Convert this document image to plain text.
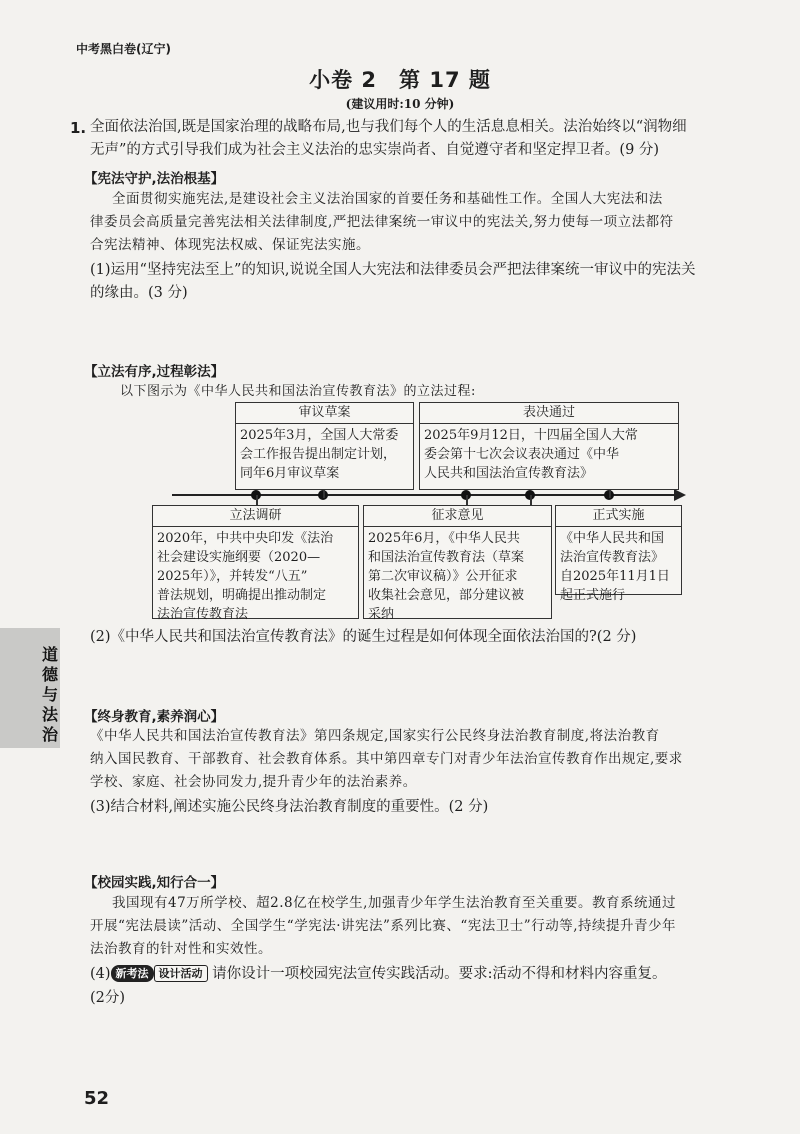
中考黑白卷(辽宁)
小卷 2　第 17 题
(建议用时:10 分钟)
1. 全面依法治国,既是国家治理的战略布局,也与我们每个人的生活息息相关。法治始终以“润物细
无声”的方式引导我们成为社会主义法治的忠实崇尚者、自觉遵守者和坚定捍卫者。(9 分)
【宪法守护,法治根基】
全面贯彻实施宪法,是建设社会主义法治国家的首要任务和基础性工作。全国人大宪法和法
律委员会高质量完善宪法相关法律制度,严把法律案统一审议中的宪法关,努力使每一项立法都符
合宪法精神、体现宪法权威、保证宪法实施。
(1)运用“坚持宪法至上”的知识,说说全国人大宪法和法律委员会严把法律案统一审议中的宪法关
的缘由。(3 分)
【立法有序,过程彰法】
以下图示为《中华人民共和国法治宣传教育法》的立法过程:
审议草案
2025年3月，全国人大常委
会工作报告提出制定计划，
同年6月审议草案
表决通过
2025年9月12日，十四届全国人大常
委会第十七次会议表决通过《中华
人民共和国法治宣传教育法》
立法调研
2020年，中共中央印发《法治
社会建设实施纲要（2020—
2025年）》，并转发“八五”
普法规划，明确提出推动制定
法治宣传教育法
征求意见
2025年6月，《中华人民共
和国法治宣传教育法（草案
第二次审议稿）》公开征求
收集社会意见，部分建议被
采纳
正式实施
《中华人民共和国
法治宣传教育法》
自2025年11月1日
起正式施行
(2)《中华人民共和国法治宣传教育法》的诞生过程是如何体现全面依法治国的?(2 分)
道德与法治
【终身教育,素养润心】
《中华人民共和国法治宣传教育法》第四条规定,国家实行公民终身法治教育制度,将法治教育
纳入国民教育、干部教育、社会教育体系。其中第四章专门对青少年法治宣传教育作出规定,要求
学校、家庭、社会协同发力,提升青少年的法治素养。
(3)结合材料,阐述实施公民终身法治教育制度的重要性。(2 分)
【校园实践,知行合一】
我国现有47万所学校、超2.8亿在校学生,加强青少年学生法治教育至关重要。教育系统通过
开展“宪法晨读”活动、全国学生“学宪法·讲宪法”系列比赛、“宪法卫士”行动等,持续提升青少年
法治教育的针对性和实效性。
(4) 新考法 设计活动 请你设计一项校园宪法宣传实践活动。要求:活动不得和材料内容重复。
(2分)
52
